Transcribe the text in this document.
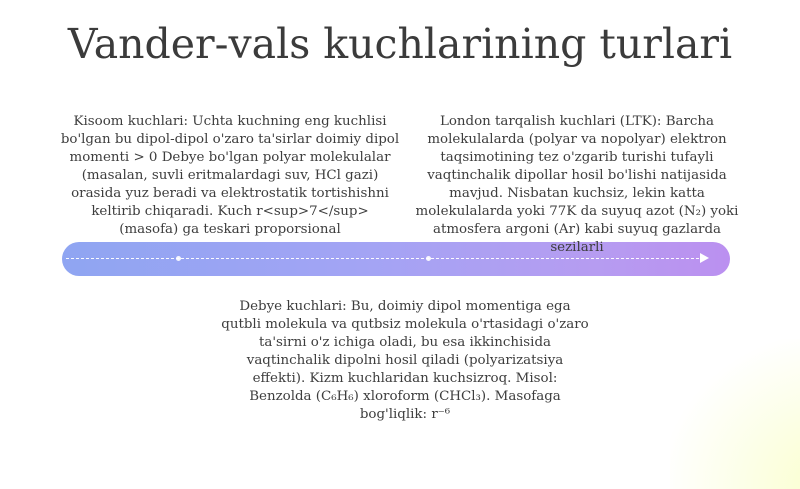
Vander-vals kuchlarining turlari
Kisoom kuchlari: Uchta kuchning eng kuchlisi bo'lgan bu dipol-dipol o'zaro ta'sirlar doimiy dipol momenti > 0 Debye bo'lgan polyar molekulalar (masalan, suvli eritmalardagi suv, HCl gazi) orasida yuz beradi va elektrostatik tortishishni keltirib chiqaradi. Kuch r<sup>7</sup> (masofa) ga teskari proporsional
London tarqalish kuchlari (LTK): Barcha molekulalarda (polyar va nopolyar) elektron taqsimotining tez o'zgarib turishi tufayli vaqtinchalik dipollar hosil bo'lishi natijasida mavjud. Nisbatan kuchsiz, lekin katta molekulalarda yoki 77K da suyuq azot (N₂) yoki atmosfera argoni (Ar) kabi suyuq gazlarda sezilarli
Debye kuchlari: Bu, doimiy dipol momentiga ega qutbli molekula va qutbsiz molekula o'rtasidagi o'zaro ta'sirni o'z ichiga oladi, bu esa ikkinchisida vaqtinchalik dipolni hosil qiladi (polyarizatsiya effekti). Kizm kuchlaridan kuchsizroq. Misol: Benzolda (C₆H₆) xloroform (CHCl₃). Masofaga bog'liqlik: r⁻⁶
